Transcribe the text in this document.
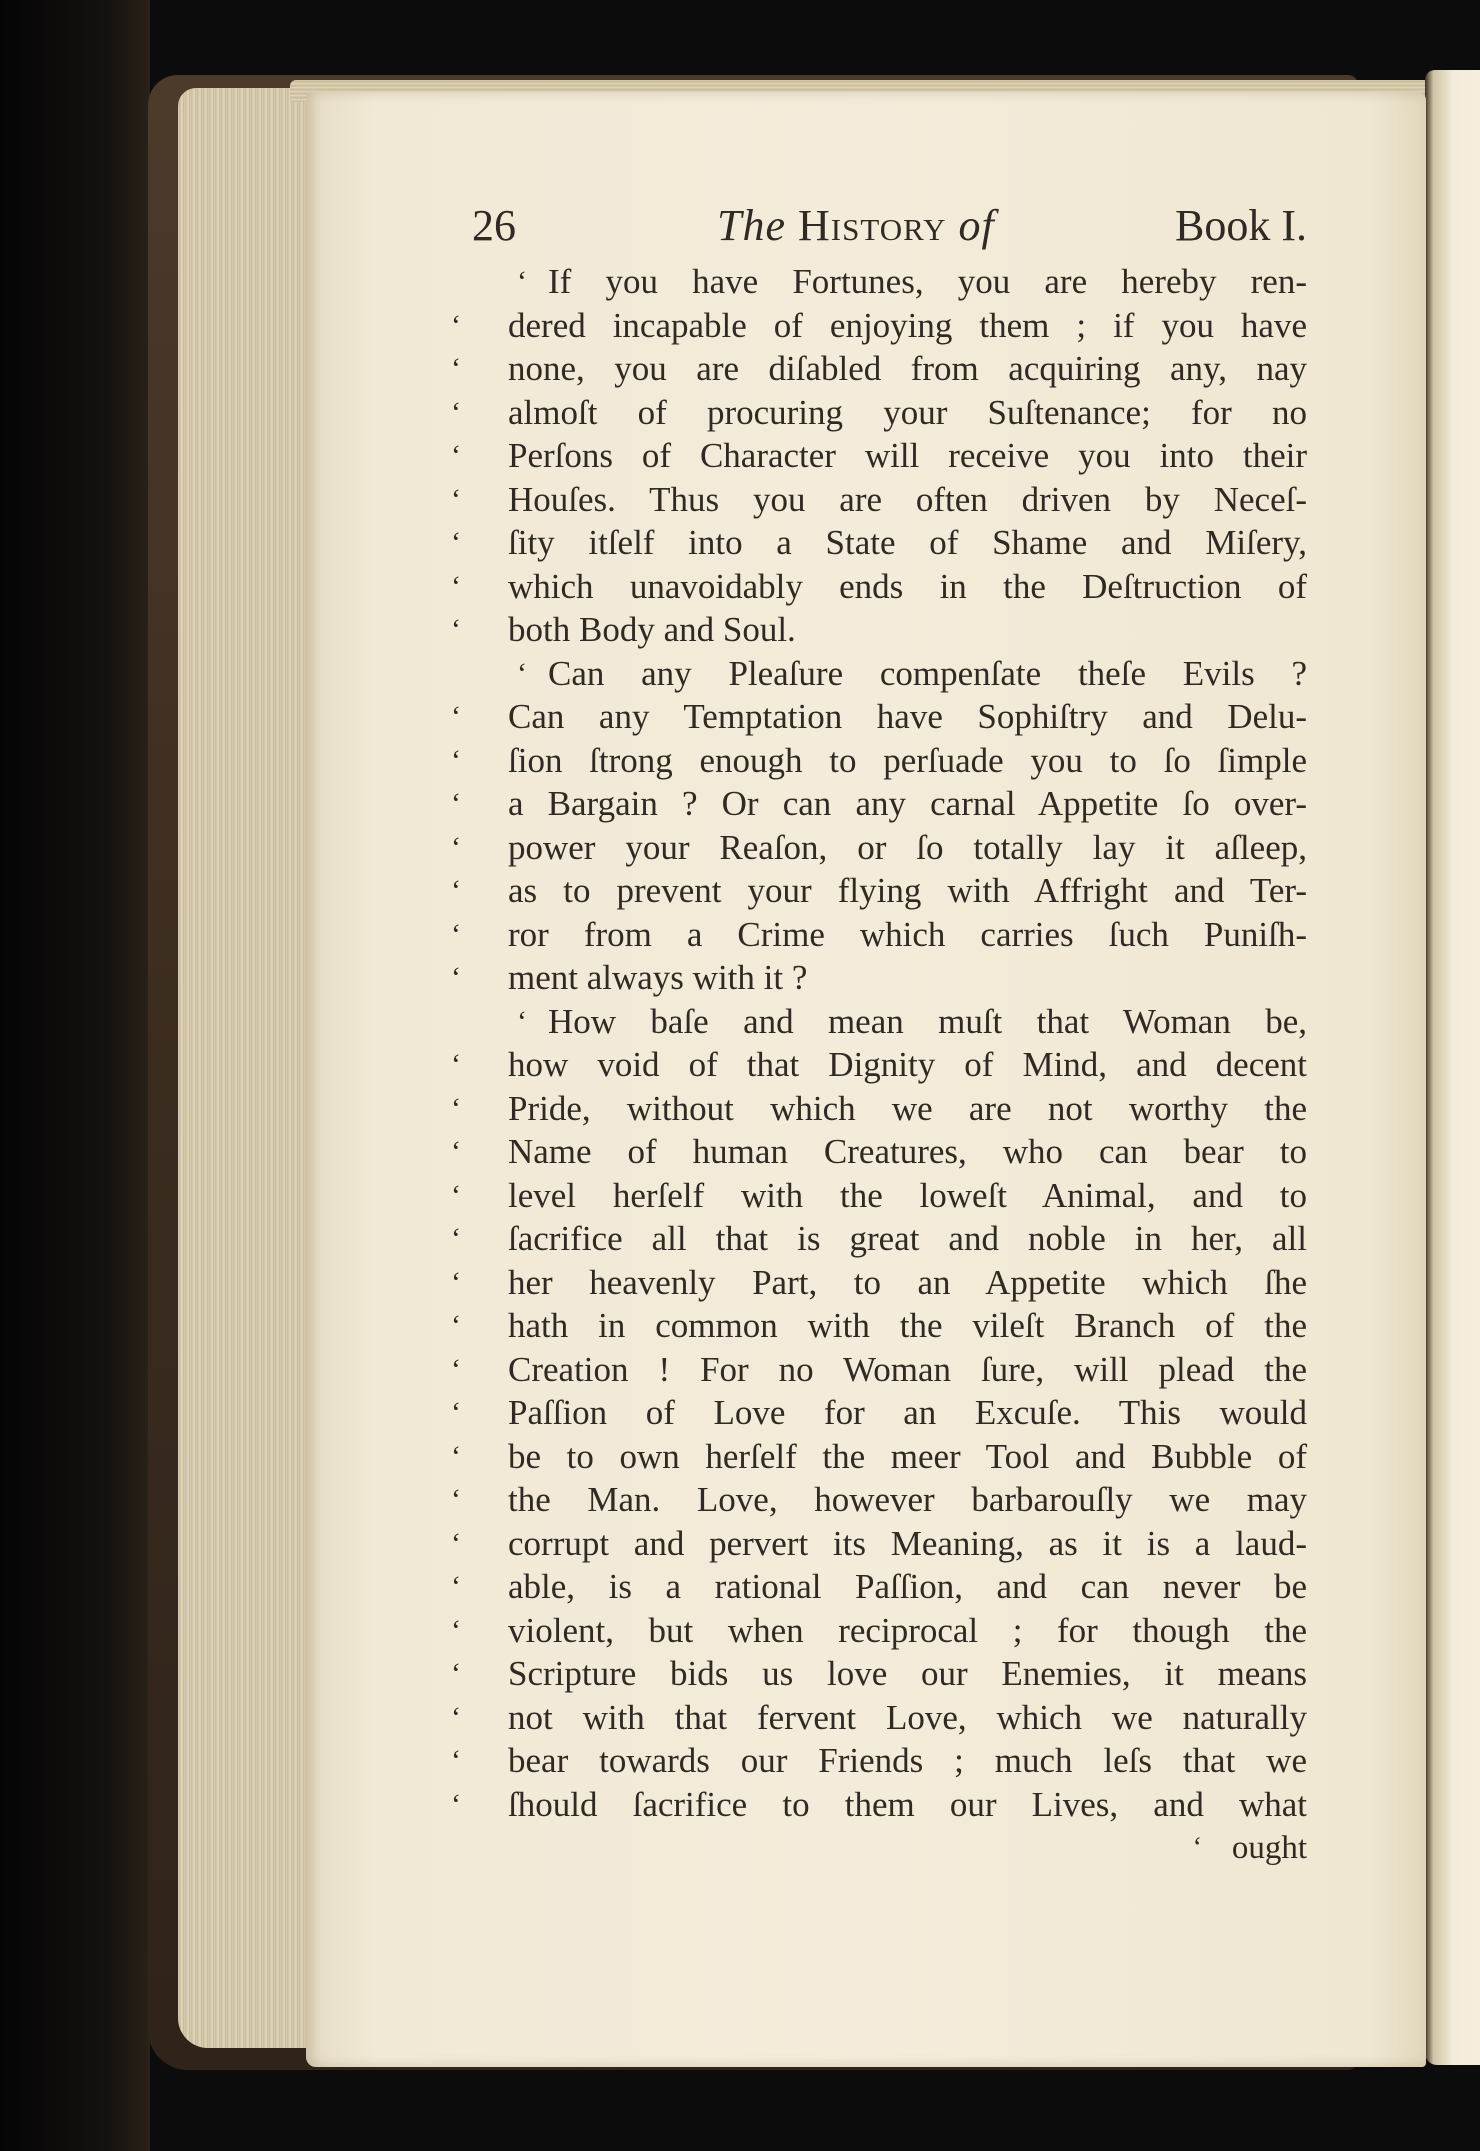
26	The History of	Book I.
‘ If you have Fortunes, you are hereby ren-
‘ dered incapable of enjoying them ; if you have
‘ none, you are diſabled from acquiring any, nay
‘ almoſt of procuring your Suſtenance; for no
‘ Perſons of Character will receive you into their
‘ Houſes. Thus you are often driven by Neceſ-
‘ ſity itſelf into a State of Shame and Miſery,
‘ which unavoidably ends in the Deſtruction of
‘ both Body and Soul.
‘ Can any Pleaſure compenſate theſe Evils ?
‘ Can any Temptation have Sophiſtry and Delu-
‘ ſion ſtrong enough to perſuade you to ſo ſimple
‘ a Bargain ? Or can any carnal Appetite ſo over-
‘ power your Reaſon, or ſo totally lay it aſleep,
‘ as to prevent your flying with Affright and Ter-
‘ ror from a Crime which carries ſuch Puniſh-
‘ ment always with it ?
‘ How baſe and mean muſt that Woman be,
‘ how void of that Dignity of Mind, and decent
‘ Pride, without which we are not worthy the
‘ Name of human Creatures, who can bear to
‘ level herſelf with the loweſt Animal, and to
‘ ſacrifice all that is great and noble in her, all
‘ her heavenly Part, to an Appetite which ſhe
‘ hath in common with the vileſt Branch of the
‘ Creation ! For no Woman ſure, will plead the
‘ Paſſion of Love for an Excuſe. This would
‘ be to own herſelf the meer Tool and Bubble of
‘ the Man. Love, however barbarouſly we may
‘ corrupt and pervert its Meaning, as it is a laud-
‘ able, is a rational Paſſion, and can never be
‘ violent, but when reciprocal ; for though the
‘ Scripture bids us love our Enemies, it means
‘ not with that fervent Love, which we naturally
‘ bear towards our Friends ; much leſs that we
‘ ſhould ſacrifice to them our Lives, and what
‘ ought
